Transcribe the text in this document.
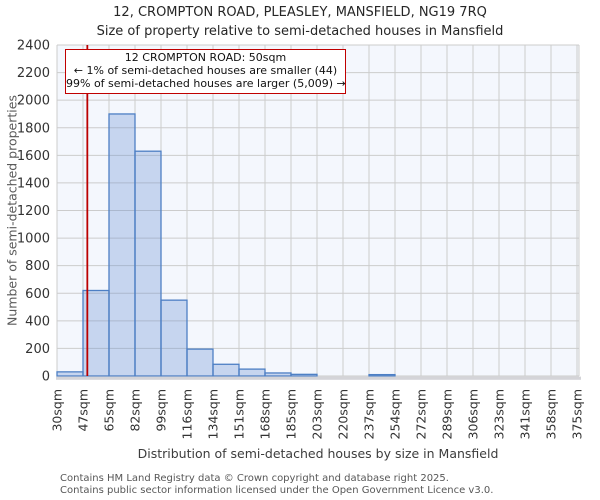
0
200
400
600
800
1000
1200
1400
1600
1800
2000
2200
2400
30sqm 47sqm 65sqm 82sqm 99sqm 116sqm 134sqm 151sqm 168sqm 185sqm 203sqm 220sqm 237sqm 254sqm 272sqm 289sqm 306sqm 323sqm 341sqm 358sqm 375sqm
12, CROMPTON ROAD, PLEASLEY, MANSFIELD, NG19 7RQ
Size of property relative to semi-detached houses in Mansfield
Number of semi-detached properties
12 CROMPTON ROAD: 50sqm
← 1% of semi-detached houses are smaller (44)
99% of semi-detached houses are larger (5,009) →
Distribution of semi-detached houses by size in Mansfield
Contains HM Land Registry data © Crown copyright and database right 2025.
Contains public sector information licensed under the Open Government Licence v3.0.
